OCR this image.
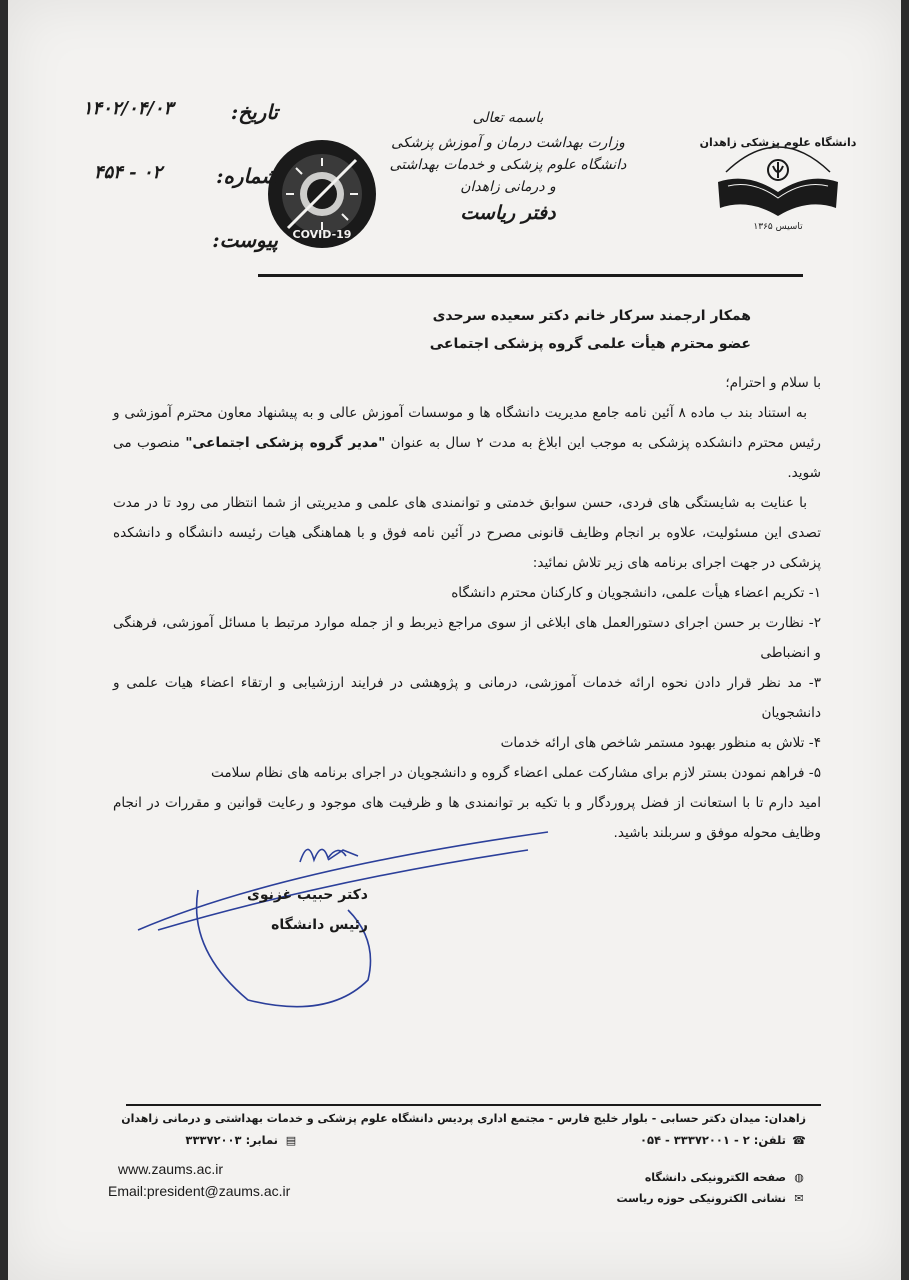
دانشگاه علوم پزشکی زاهدان
تاسیس ۱۳۶۵
باسمه تعالی
وزارت بهداشت درمان و آموزش پزشکی
دانشگاه علوم پزشکی و خدمات بهداشتی و درمانی زاهدان
دفتر ریاست
COVID-19
تاریخ:
شماره:
پیوست:
۱۴۰۲/۰۴/۰۳
۰۲ - ۴۵۴
همکار ارجمند سرکار خانم دکتر سعیده سرحدی
عضو محترم هیأت علمی گروه پزشکی اجتماعی

با سلام و احترام؛

به استناد بند ب ماده ۸ آئین نامه جامع مدیریت دانشگاه ها و موسسات آموزش عالی و به پیشنهاد معاون محترم آموزشی و رئیس محترم دانشکده پزشکی به موجب این ابلاغ به مدت ۲ سال به عنوان "مدیر گروه پزشکی اجتماعی" منصوب می شوید.

با عنایت به شایستگی های فردی، حسن سوابق خدمتی و توانمندی های علمی و مدیریتی از شما انتظار می رود تا در مدت تصدی این مسئولیت، علاوه بر انجام وظایف قانونی مصرح در آئین نامه فوق و با هماهنگی هیات رئیسه دانشگاه و دانشکده پزشکی در جهت اجرای برنامه های زیر تلاش نمائید:

۱- تکریم اعضاء هیأت علمی، دانشجویان و کارکنان محترم دانشگاه

۲- نظارت بر حسن اجرای دستورالعمل های ابلاغی از سوی مراجع ذیربط و از جمله موارد مرتبط با مسائل آموزشی، فرهنگی و انضباطی

۳- مد نظر قرار دادن نحوه ارائه خدمات آموزشی، درمانی و پژوهشی در فرایند ارزشیابی و ارتقاء اعضاء هیات علمی و دانشجویان

۴- تلاش به منظور بهبود مستمر شاخص های ارائه خدمات

۵- فراهم نمودن بستر لازم برای مشارکت عملی اعضاء گروه و دانشجویان در اجرای برنامه های نظام سلامت

امید دارم تا با استعانت از فضل پروردگار و با تکیه بر توانمندی ها و ظرفیت های موجود و رعایت قوانین و مقررات در انجام وظایف محوله موفق و سربلند باشید.

دکتر حبیب غزنوی
رئیس دانشگاه
زاهدان: میدان دکتر حسابی - بلوار خلیج فارس - مجتمع اداری پردیس دانشگاه علوم پزشکی و خدمات بهداشتی و درمانی زاهدان
☎تلفن: ۲ - ۳۳۳۷۲۰۰۱ - ۰۵۴
▤نمابر: ۳۳۳۷۲۰۰۳
www.zaums.ac.ir
Email:president@zaums.ac.ir
◍صفحه الکترونیکی دانشگاه
✉نشانی الکترونیکی حوزه ریاست
